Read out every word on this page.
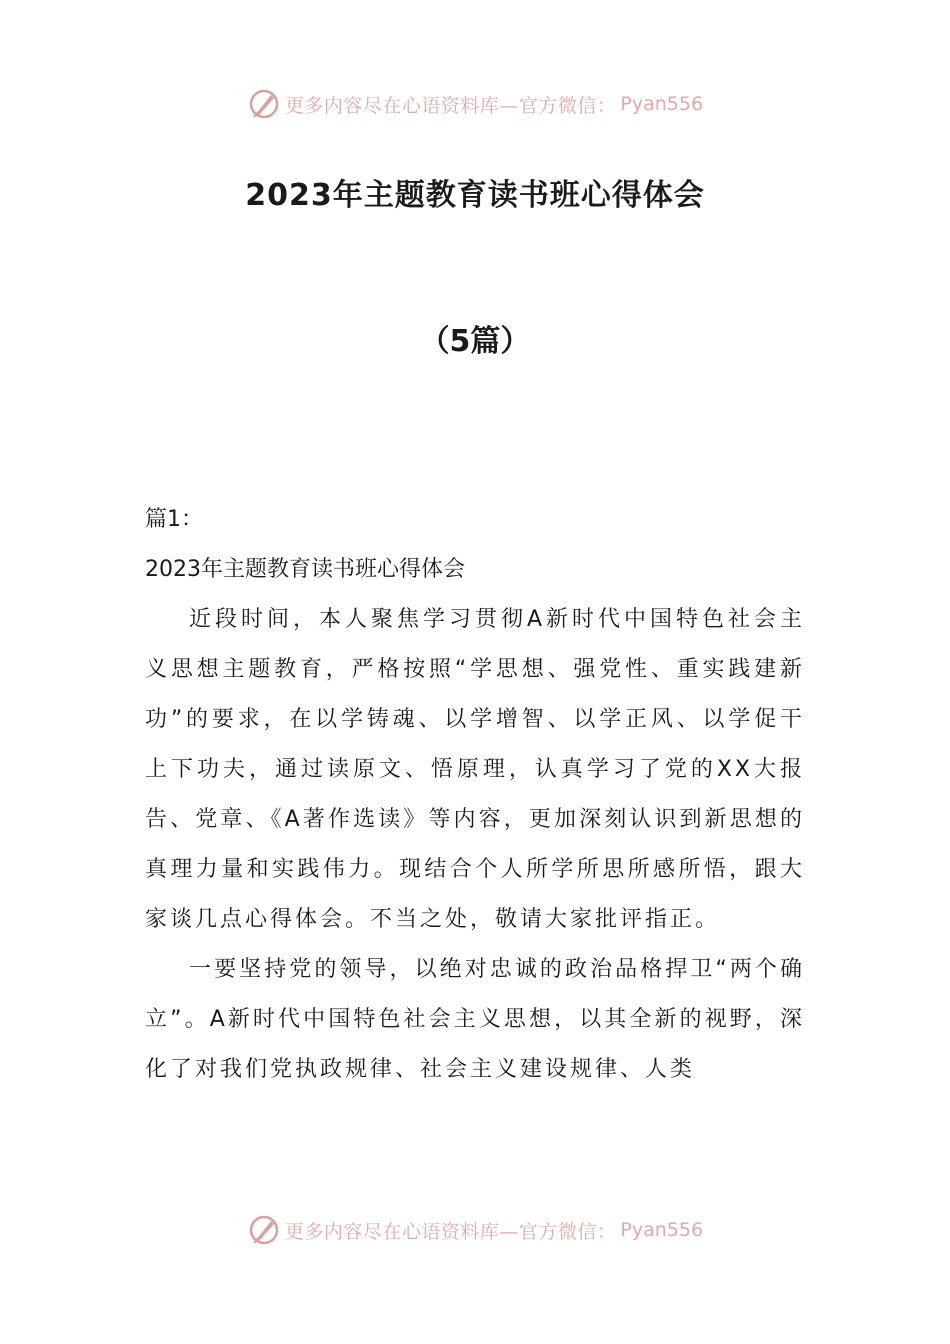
更多内容尽在心语资料库—官方微信： Pyan556
2023年主题教育读书班心得体会
（5篇）

篇1：

2023年主题教育读书班心得体会

近段时间，本人聚焦学习贯彻A新时代中国特色社会主义思想主题教育，严格按照“学思想、强党性、重实践建新功”的要求，在以学铸魂、以学增智、以学正风、以学促干上下功夫，通过读原文、悟原理，认真学习了党的XX大报告、党章、《A著作选读》等内容，更加深刻认识到新思想的真理力量和实践伟力。现结合个人所学所思所感所悟，跟大家谈几点心得体会。不当之处，敬请大家批评指正。

一要坚持党的领导，以绝对忠诚的政治品格捍卫“两个确立”。A新时代中国特色社会主义思想，以其全新的视野，深化了对我们党执政规律、社会主义建设规律、人类

更多内容尽在心语资料库—官方微信： Pyan556
